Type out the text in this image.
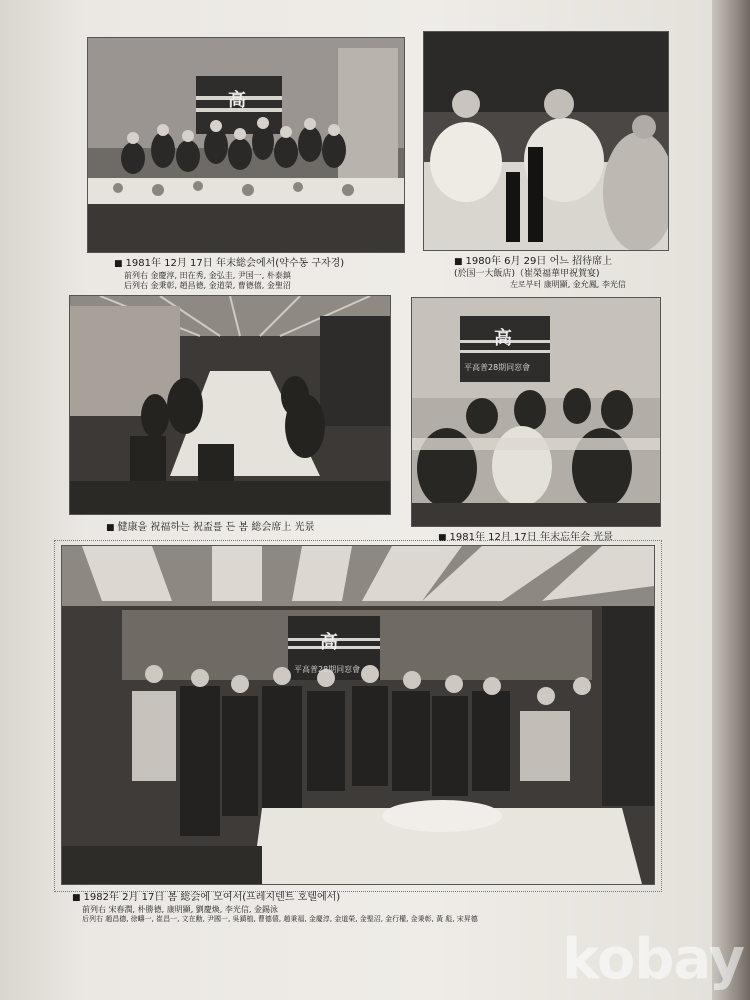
高
■ 1981年 12月 17日 年末総会에서(약수동 구자경)
前列右 金慶淳, 田在秀, 金弘圭, 尹国一, 朴泰鎮
后列右 金秉彰, 趙昌德, 金道榮, 曹德僖, 金聖沼
■ 1980年 6月 29日 어느 招待席上
(於国一大飯店)（崔榮福華甲祝賀宴)
左로부터 康明顯, 金允鳳, 李光信
■ 健康을 祝福하는 祝盃를 든 봄 総会席上 光景
高
平高普28期同窓會
■ 1981年 12月 17日 年末忘年会 光景
高
平高普28期同窓會
■ 1982年 2月 17日 봄 総会에 모여서(프레지덴트 호텔에서)
前列右 宋春潤, 朴勝德, 康明顯, 劉慶煥, 李光信, 金錫泳
后列右 趙昌德, 徐疇一, 崔昌一, 文在勳, 尹國一, 吳鎮植, 曹德僖, 趙秉福, 金慶淳, 金道榮, 金聖沼, 金行權, 金秉彰, 黃 彪, 宋昇德
kobay
